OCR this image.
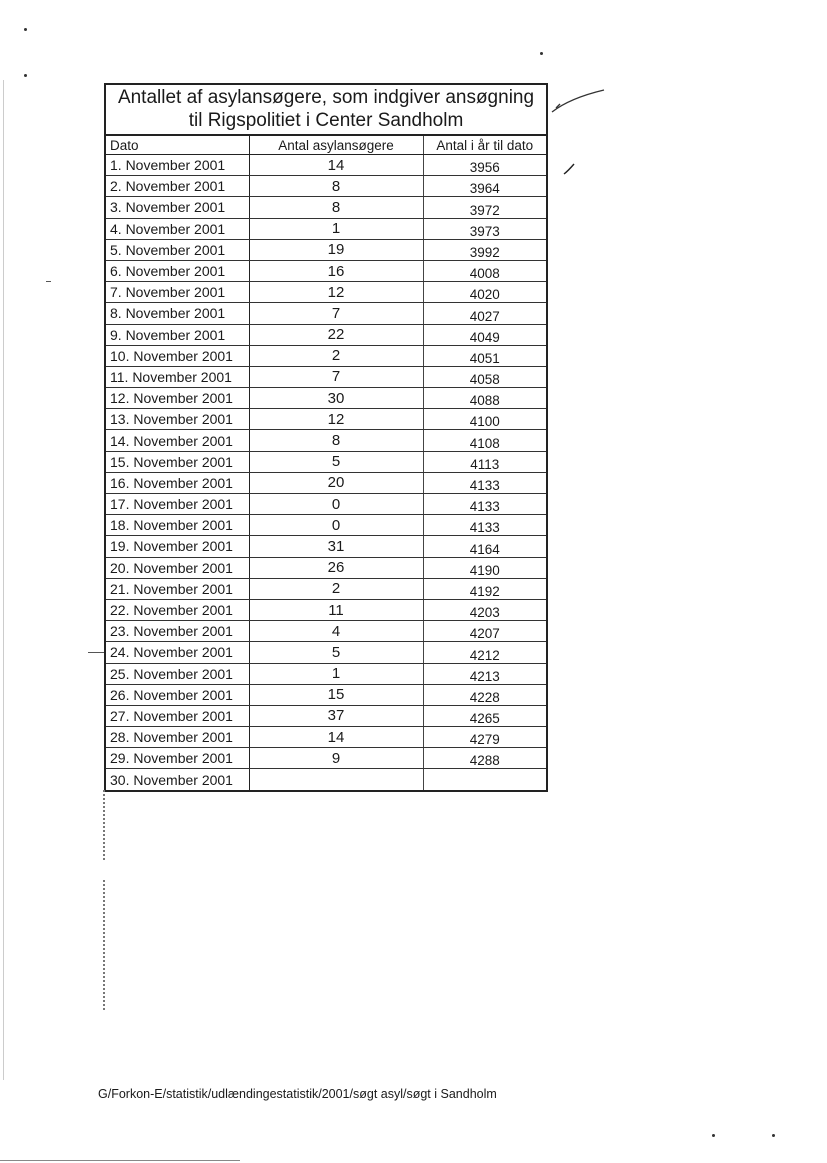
Antallet af asylansøgere, som indgiver ansøgning
til Rigspolitiet i Center Sandholm
Dato	Antal asylansøgere	Antal i år til dato
1. November 2001	14	3956
2. November 2001	8	3964
3. November 2001	8	3972
4. November 2001	1	3973
5. November 2001	19	3992
6. November 2001	16	4008
7. November 2001	12	4020
8. November 2001	7	4027
9. November 2001	22	4049
10. November 2001	2	4051
11. November 2001	7	4058
12. November 2001	30	4088
13. November 2001	12	4100
14. November 2001	8	4108
15. November 2001	5	4113
16. November 2001	20	4133
17. November 2001	0	4133
18. November 2001	0	4133
19. November 2001	31	4164
20. November 2001	26	4190
21. November 2001	2	4192
22. November 2001	11	4203
23. November 2001	4	4207
24. November 2001	5	4212
25. November 2001	1	4213
26. November 2001	15	4228
27. November 2001	37	4265
28. November 2001	14	4279
29. November 2001	9	4288
30. November 2001		
G/Forkon-E/statistik/udlændingestatistik/2001/søgt asyl/søgt i Sandholm
